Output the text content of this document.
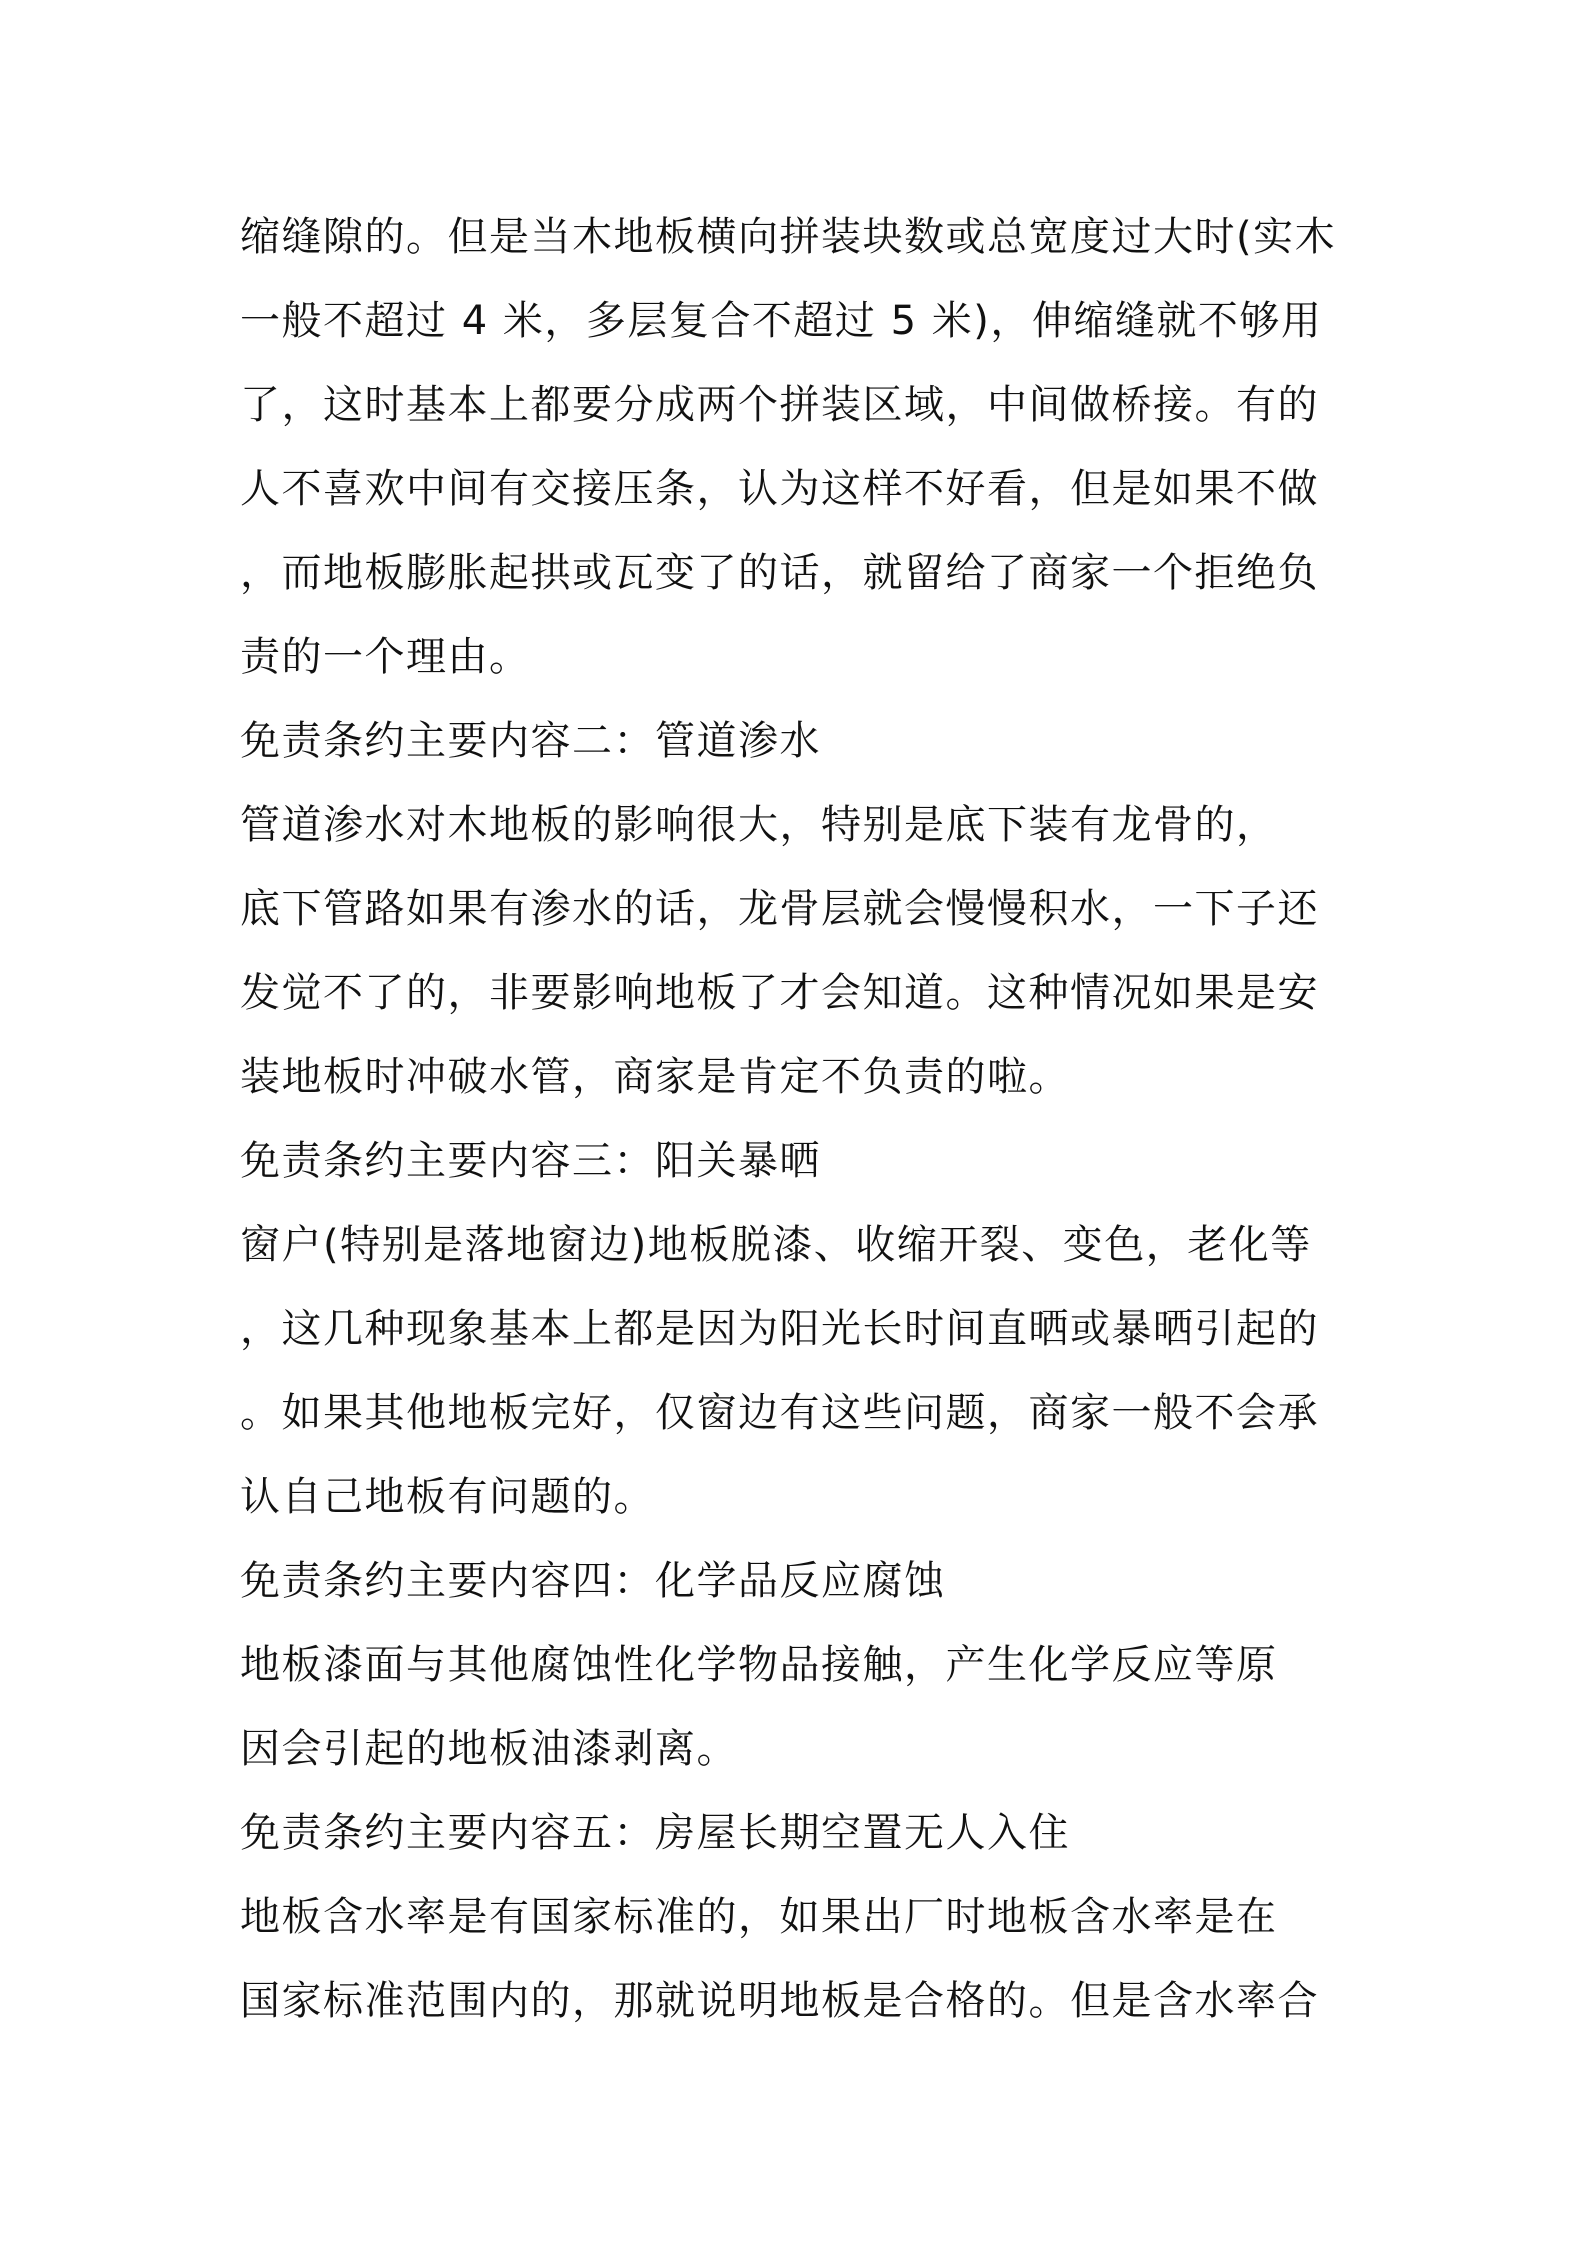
缩缝隙的。但是当木地板横向拼装块数或总宽度过大时(实木
一般不超过 4 米，多层复合不超过 5 米)，伸缩缝就不够用
了，这时基本上都要分成两个拼装区域，中间做桥接。有的
人不喜欢中间有交接压条，认为这样不好看，但是如果不做
，而地板膨胀起拱或瓦变了的话，就留给了商家一个拒绝负
责的一个理由。
免责条约主要内容二：管道渗水
管道渗水对木地板的影响很大，特别是底下装有龙骨的，
底下管路如果有渗水的话，龙骨层就会慢慢积水，一下子还
发觉不了的，非要影响地板了才会知道。这种情况如果是安
装地板时冲破水管，商家是肯定不负责的啦。
免责条约主要内容三：阳关暴晒
窗户(特别是落地窗边)地板脱漆、收缩开裂、变色，老化等
，这几种现象基本上都是因为阳光长时间直晒或暴晒引起的
。如果其他地板完好，仅窗边有这些问题，商家一般不会承
认自己地板有问题的。
免责条约主要内容四：化学品反应腐蚀
地板漆面与其他腐蚀性化学物品接触，产生化学反应等原
因会引起的地板油漆剥离。
免责条约主要内容五：房屋长期空置无人入住
地板含水率是有国家标准的，如果出厂时地板含水率是在
国家标准范围内的，那就说明地板是合格的。但是含水率合
